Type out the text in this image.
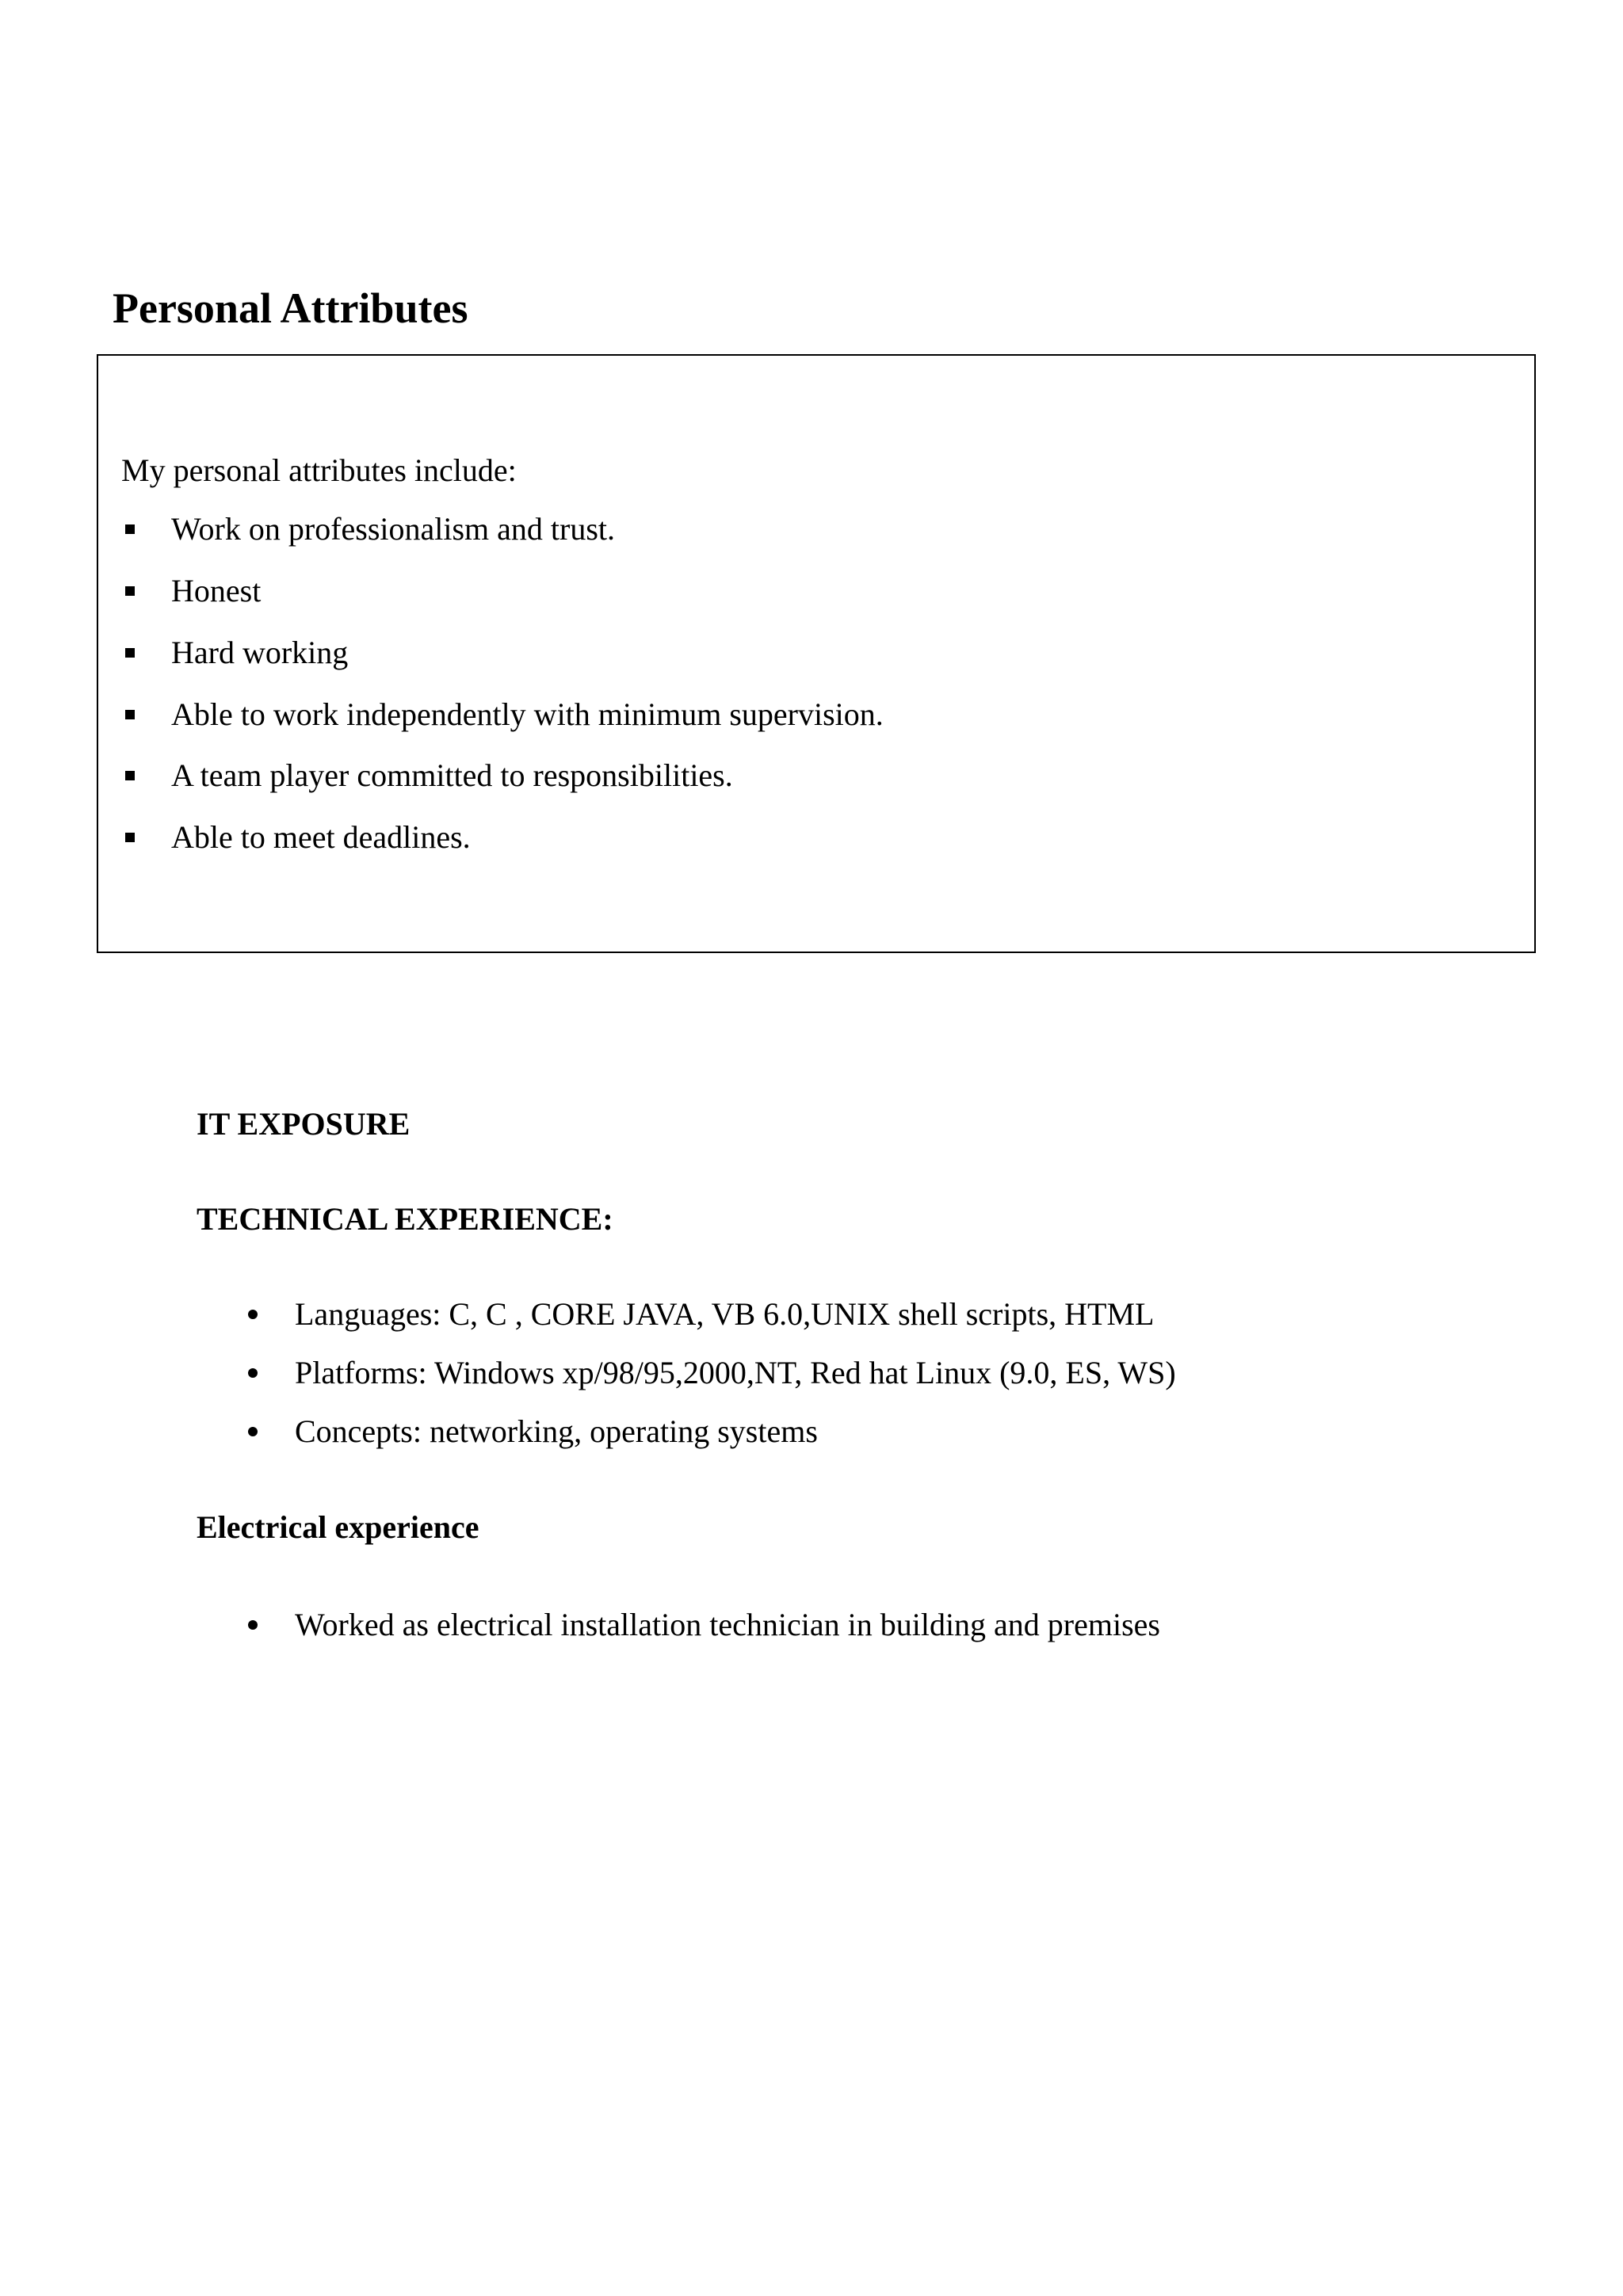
Personal Attributes
My personal attributes include:
Work on professionalism and trust.
Honest
Hard working
Able to work independently with minimum supervision.
A team player committed to responsibilities.
Able to meet deadlines.
IT EXPOSURE
TECHNICAL EXPERIENCE:
Languages: C, C , CORE JAVA, VB 6.0,UNIX shell scripts, HTML
Platforms: Windows xp/98/95,2000,NT, Red hat Linux (9.0, ES, WS)
Concepts: networking, operating systems
Electrical experience
Worked as electrical installation technician in building and premises
